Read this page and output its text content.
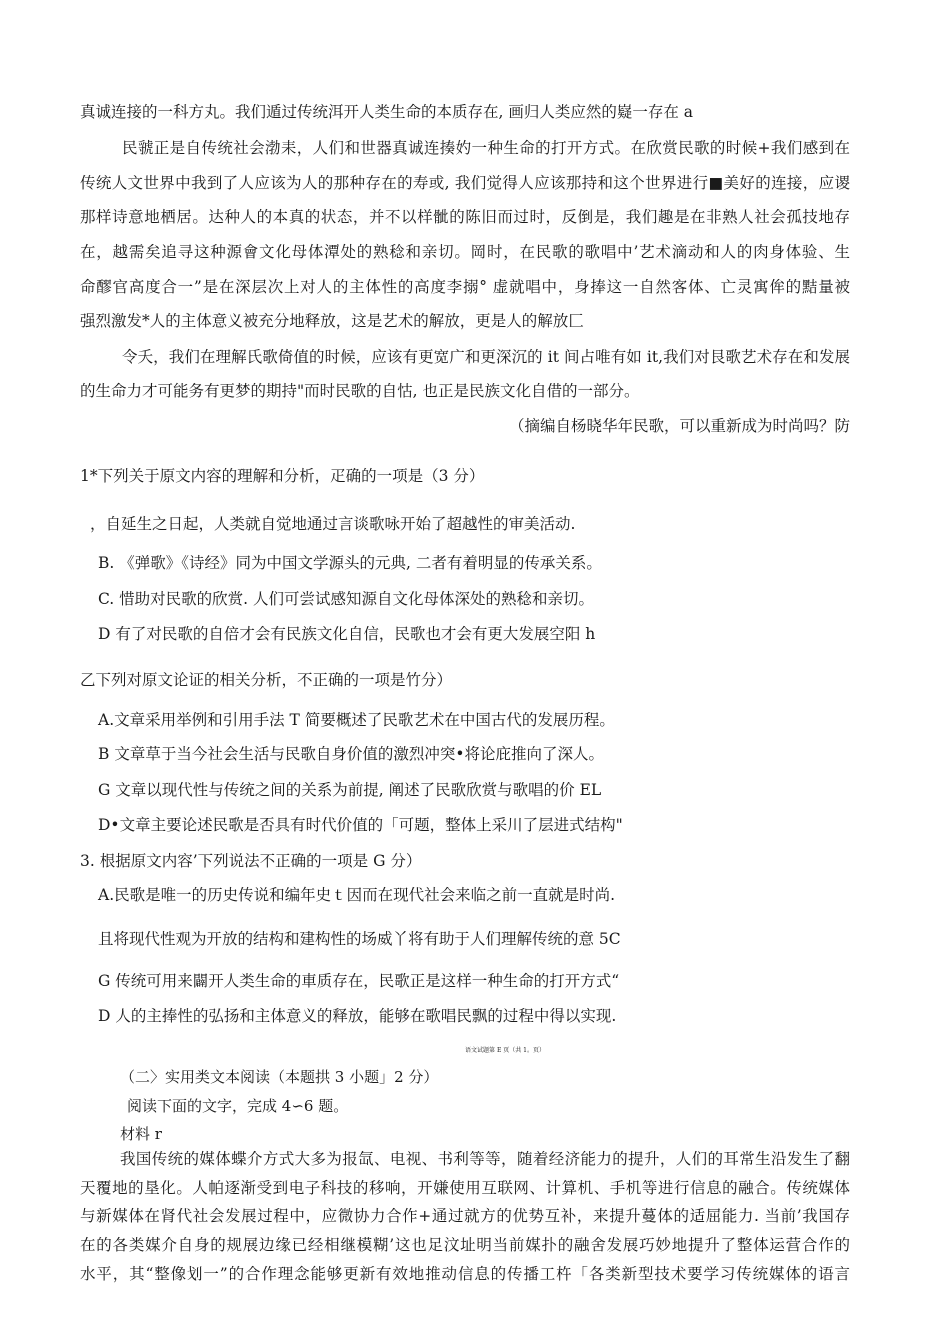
真诚连接的一科方丸。我们遁过传统洱开人类生命的本质存在, 画归人类应然的嶷一存在 a
民虢正是自传统社会渤耒，人们和世器真诚连揍妁一种生命的打开方式。在欣赏民歌的时候+我们感到在
传统人文世界中我到了人应该为人的那种存在的寿或, 我们觉得人应该那持和这个世界进行■美好的连接，应谡
那样诗意地栖居。达种人的本真的状态，并不以样骴的陈旧而过时，反倒是，我们趣是在非熟人社会孤技地存
在，越需矣追寻这种源會文化母体潭处的熟稔和亲切。岡时，在民歌的歌唱中’艺术滴动和人的肉身体验、生
命醪官高度合一”是在深层次上对人的主体性的高度李搦° 虚就唱中，身捧这一自然客体、亡灵寓侔的黠量被
强烈激发*人的主体意义被充分地释放，这是艺术的解放，更是人的解放匚
令夭，我们在理解氏歌倚值的时候，应该有更宽广和更深沉的 it 间占唯有如 it,我们对艮歌艺术存在和发展
的生命力才可能务有更梦的期持"而时民歌的自怙, 也正是民族文化自借的一部分。
（摘编自杨晓华年民歌，可以重新成为时尚吗？防
1*下列关于原文内容的理解和分析，疋确的一项是（3 分）
，自延生之日起，人类就自觉地通过言谈歌咏开始了超越性的审美活动.
B. 《弹歌》《诗经》同为中国文学源头的元典, 二者有着明显的传承关系。
C. 惜助对民歌的欣赏. 人们可尝试感知源自文化母体深处的熟稔和亲切。
D 有了对民歌的自倍才会有民族文化自信，民歌也才会有更大发展空阳 h
乙下列对原文论证的相关分析，不正确的一项是竹分）
A.文章采用举例和引用手法 T 简要概述了民歌艺术在中国古代的发展历程。
B 文章草于当今社会生活与民歌自身价值的激烈冲突•将论庇推向了深人。
G 文章以现代性与传统之间的关系为前提, 阐述了民歌欣赏与歌唱的价 EL
D•文章主要论述民歌是否具有时代价值的「可题，整体上采川了层进式结构"
3. 根据原文内容’下列说法不正确的一项是 G 分）
A.民歌是唯一的历史传说和编年史ｔ因而在现代社会来临之前一直就是时尚.
且将现代性观为开放的结构和建构性的场威丫将有助于人们理解传统的意 5C
G 传统可用来闢开人类生命的車质存在，民歌正是这样一种生命的打开方式“
D 人的主捧性的弘扬和主体意义的释放，能够在歌唱民飘的过程中得以实现.
语文试题第 E 页（共 1。页）
（二〉实用类文本阅读（本题拱 3 小题」2 分）
阅读下面的文字，完成 4∽6 题。
材料 r
我国传统的媒体蝶介方式大多为报氙、电视、书利等等，随着经济能力的提升，人们的耳常生沿发生了翻
天覆地的垦化。人帕逐渐受到电子科技的移响，开嫌使用互联网、计算机、手机等进行信息的融合。传统媒体
与新媒体在肾代社会发展过程中，应微协力合作+通过就方的优势互补，来提升蔓体的适屈能力. 当前’我国存
在的各类媒介自身的规展边缘已经相继模糊’这也足汶址明当前媒扑的融舍发展巧妙地提升了整体运营合作的
水平，其“整像划一”的合作理念能够更新有效地推动信息的传播工杵「各类新型技术要学习传统媒体的语言
